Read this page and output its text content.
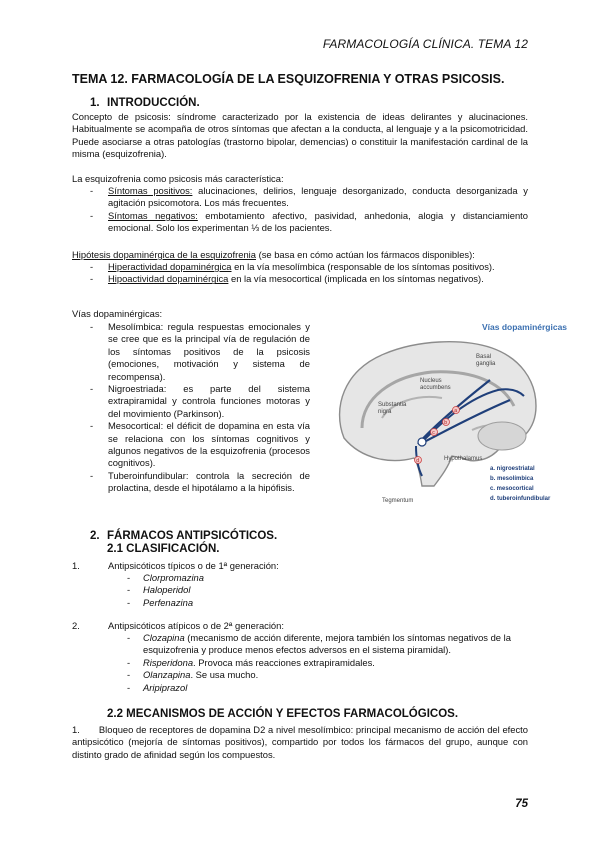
FARMACOLOGÍA CLÍNICA. TEMA 12
TEMA 12. FARMACOLOGÍA DE LA ESQUIZOFRENIA Y OTRAS PSICOSIS.
1. INTRODUCCIÓN.
Concepto de psicosis: síndrome caracterizado por la existencia de ideas delirantes y alucinaciones. Habitualmente se acompaña de otros síntomas que afectan a la conducta, al lenguaje y a la psicomotricidad. Puede asociarse a otras patologías (trastorno bipolar, demencias) o constituir la manifestación cardinal de la misma (esquizofrenia).
La esquizofrenia como psicosis más característica:
- Síntomas positivos: alucinaciones, delirios, lenguaje desorganizado, conducta desorganizada y agitación psicomotora. Los más frecuentes.
- Síntomas negativos: embotamiento afectivo, pasividad, anhedonia, alogia y distanciamiento emocional. Solo los experimentan ⅓ de los pacientes.
Hipótesis dopaminérgica de la esquizofrenia (se basa en cómo actúan los fármacos disponibles):
- Hiperactividad dopaminérgica en la vía mesolímbica (responsable de los síntomas positivos).
- Hipoactividad dopaminérgica en la vía mesocortical (implicada en los síntomas negativos).
Vías dopaminérgicas:
- Mesolímbica: regula respuestas emocionales y se cree que es la principal vía de regulación de los síntomas positivos de la psicosis (emociones, motivación y sistema de recompensa).
- Nigroestriada: es parte del sistema extrapiramidal y controla funciones motoras y del movimiento (Parkinson).
- Mesocortical: el déficit de dopamina en esta vía se relaciona con los síntomas cognitivos y algunos negativos de la esquizofrenia (procesos cognitivos).
- Tuberoinfundibular: controla la secreción de prolactina, desde el hipotálamo a la hipófisis.
Vías dopaminérgicas
a
b
c
d
Basal
ganglia
Nucleus
accumbens
Substantia
nigra
Hypothalamus
Tegmentum
a. nigroestriatal
b. mesolímbica
c. mesocortical
d. tuberoinfundibular
2. FÁRMACOS ANTIPSICÓTICOS.
2.1 CLASIFICACIÓN.
1.	Antipsicóticos típicos o de 1ª generación:
- Clorpromazina
- Haloperidol
- Perfenazina
2.	Antipsicóticos atípicos o de 2ª generación:
- Clozapina (mecanismo de acción diferente, mejora también los síntomas negativos de la esquizofrenia y produce menos efectos adversos en el sistema piramidal).
- Risperidona. Provoca más reacciones extrapiramidales.
- Olanzapina. Se usa mucho.
- Aripiprazol
2.2 MECANISMOS DE ACCIÓN Y EFECTOS FARMACOLÓGICOS.
1.       Bloqueo de receptores de dopamina D2 a nivel mesolímbico: principal mecanismo de acción del efecto antipsicótico (mejoría de síntomas positivos), compartido por todos los fármacos del grupo, aunque con distinto grado de afinidad según los compuestos.
75
